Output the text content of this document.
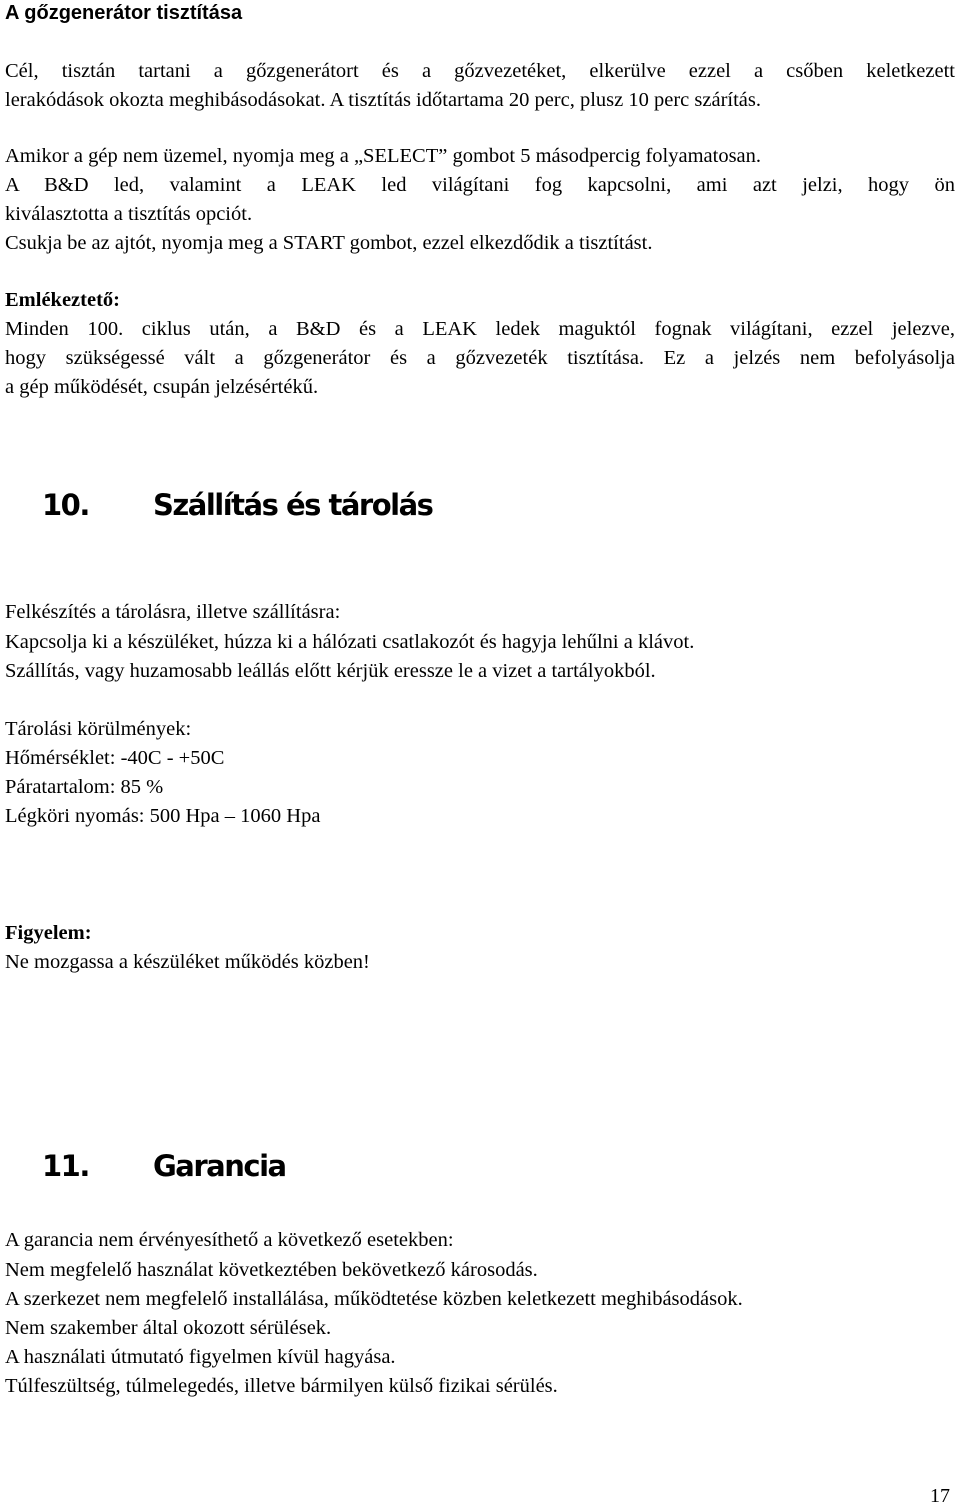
A gőzgenerátor tisztítása
Cél, tisztán tartani a gőzgenerátort és a gőzvezetéket, elkerülve ezzel a csőben keletkezett
lerakódások okozta meghibásodásokat. A tisztítás időtartama 20 perc, plusz 10 perc szárítás.
Amikor a gép nem üzemel, nyomja meg a „SELECT” gombot 5 másodpercig folyamatosan.
A B&D led, valamint a LEAK led világítani fog kapcsolni, ami azt jelzi, hogy ön
kiválasztotta a tisztítás opciót.
Csukja be az ajtót, nyomja meg a START gombot, ezzel elkezdődik a tisztítást.
Emlékeztető:
Minden 100. ciklus után, a B&D és a LEAK ledek maguktól fognak világítani, ezzel jelezve,
hogy szükségessé vált a gőzgenerátor és a gőzvezeték tisztítása. Ez a jelzés nem befolyásolja
a gép működését, csupán jelzésértékű.
10. Szállítás és tárolás
Felkészítés a tárolásra, illetve szállításra:
Kapcsolja ki a készüléket, húzza ki a hálózati csatlakozót és hagyja lehűlni a klávot.
Szállítás, vagy huzamosabb leállás előtt kérjük eressze le a vizet a tartályokból.
Tárolási körülmények:
Hőmérséklet: -40C - +50C
Páratartalom: 85 %
Légköri nyomás: 500 Hpa – 1060 Hpa
Figyelem:
Ne mozgassa a készüléket működés közben!
11. Garancia
A garancia nem érvényesíthető a következő esetekben:
Nem megfelelő használat következtében bekövetkező károsodás.
A szerkezet nem megfelelő installálása, működtetése közben keletkezett meghibásodások.
Nem szakember által okozott sérülések.
A használati útmutató figyelmen kívül hagyása.
Túlfeszültség, túlmelegedés, illetve bármilyen külső fizikai sérülés.
17
